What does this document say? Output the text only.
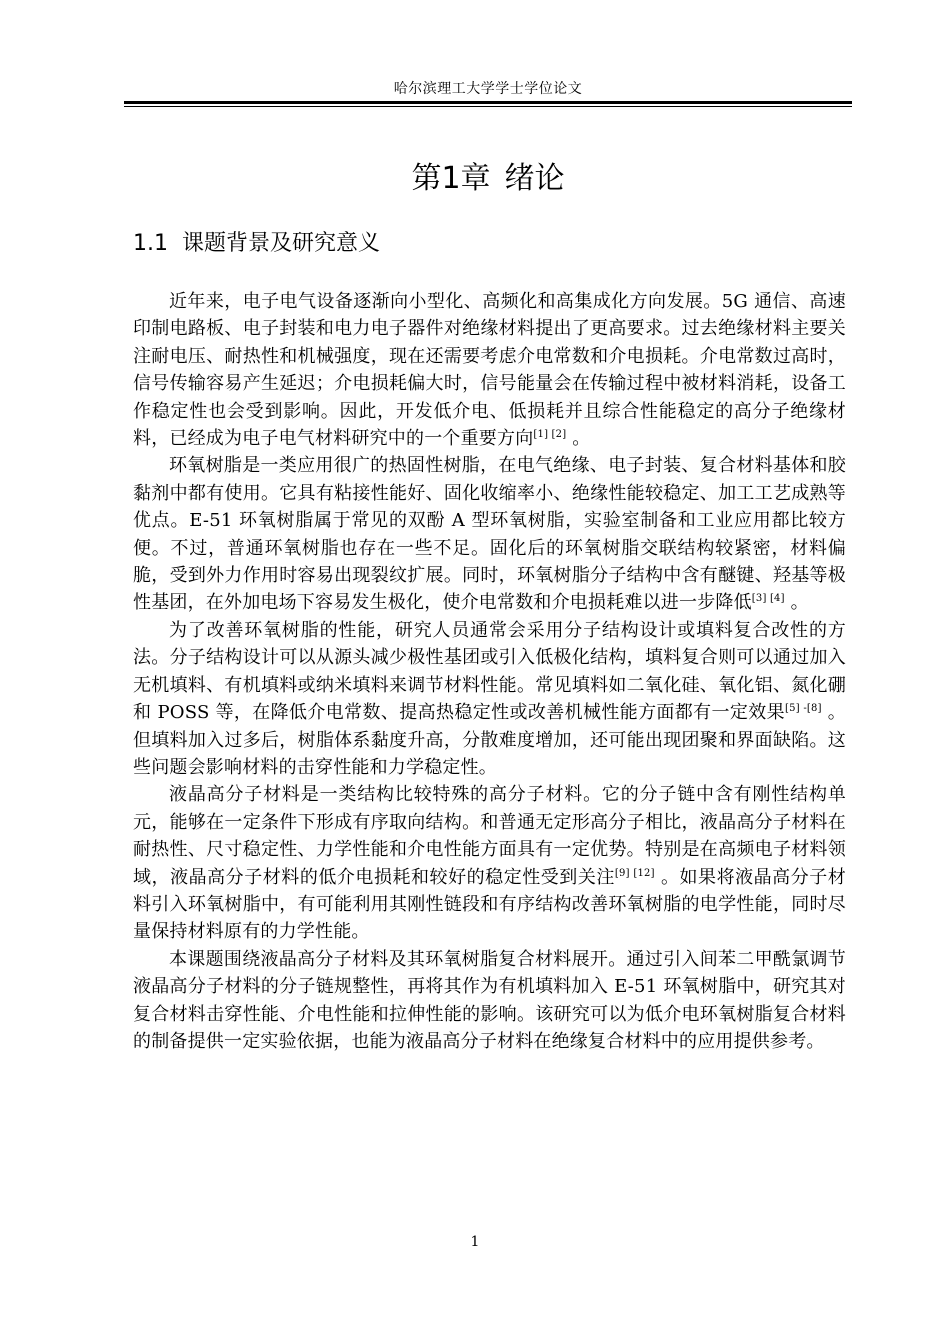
哈尔滨理工大学学士学位论文
第1章 绪论
1.1 课题背景及研究意义

近年来，电子电气设备逐渐向小型化、高频化和高集成化方向发展。5G 通信、高速印制电路板、电子封装和电力电子器件对绝缘材料提出了更高要求。过去绝缘材料主要关注耐电压、耐热性和机械强度，现在还需要考虑介电常数和介电损耗。介电常数过高时，信号传输容易产生延迟；介电损耗偏大时，信号能量会在传输过程中被材料消耗，设备工作稳定性也会受到影响。因此，开发低介电、低损耗并且综合性能稳定的高分子绝缘材料，已经成为电子电气材料研究中的一个重要方向[1] [2] 。

环氧树脂是一类应用很广的热固性树脂，在电气绝缘、电子封装、复合材料基体和胶黏剂中都有使用。它具有粘接性能好、固化收缩率小、绝缘性能较稳定、加工工艺成熟等优点。E-51 环氧树脂属于常见的双酚 A 型环氧树脂，实验室制备和工业应用都比较方便。不过，普通环氧树脂也存在一些不足。固化后的环氧树脂交联结构较紧密，材料偏脆，受到外力作用时容易出现裂纹扩展。同时，环氧树脂分子结构中含有醚键、羟基等极性基团，在外加电场下容易发生极化，使介电常数和介电损耗难以进一步降低[3] [4] 。

为了改善环氧树脂的性能，研究人员通常会采用分子结构设计或填料复合改性的方法。分子结构设计可以从源头减少极性基团或引入低极化结构，填料复合则可以通过加入无机填料、有机填料或纳米填料来调节材料性能。常见填料如二氧化硅、氧化铝、氮化硼和 POSS 等，在降低介电常数、提高热稳定性或改善机械性能方面都有一定效果[5] -[8] 。但填料加入过多后，树脂体系黏度升高，分散难度增加，还可能出现团聚和界面缺陷。这些问题会影响材料的击穿性能和力学稳定性。

液晶高分子材料是一类结构比较特殊的高分子材料。它的分子链中含有刚性结构单元，能够在一定条件下形成有序取向结构。和普通无定形高分子相比，液晶高分子材料在耐热性、尺寸稳定性、力学性能和介电性能方面具有一定优势。特别是在高频电子材料领域，液晶高分子材料的低介电损耗和较好的稳定性受到关注[9] [12] 。如果将液晶高分子材料引入环氧树脂中，有可能利用其刚性链段和有序结构改善环氧树脂的电学性能，同时尽量保持材料原有的力学性能。

本课题围绕液晶高分子材料及其环氧树脂复合材料展开。通过引入间苯二甲酰氯调节液晶高分子材料的分子链规整性，再将其作为有机填料加入 E-51 环氧树脂中，研究其对复合材料击穿性能、介电性能和拉伸性能的影响。该研究可以为低介电环氧树脂复合材料的制备提供一定实验依据，也能为液晶高分子材料在绝缘复合材料中的应用提供参考。

1
